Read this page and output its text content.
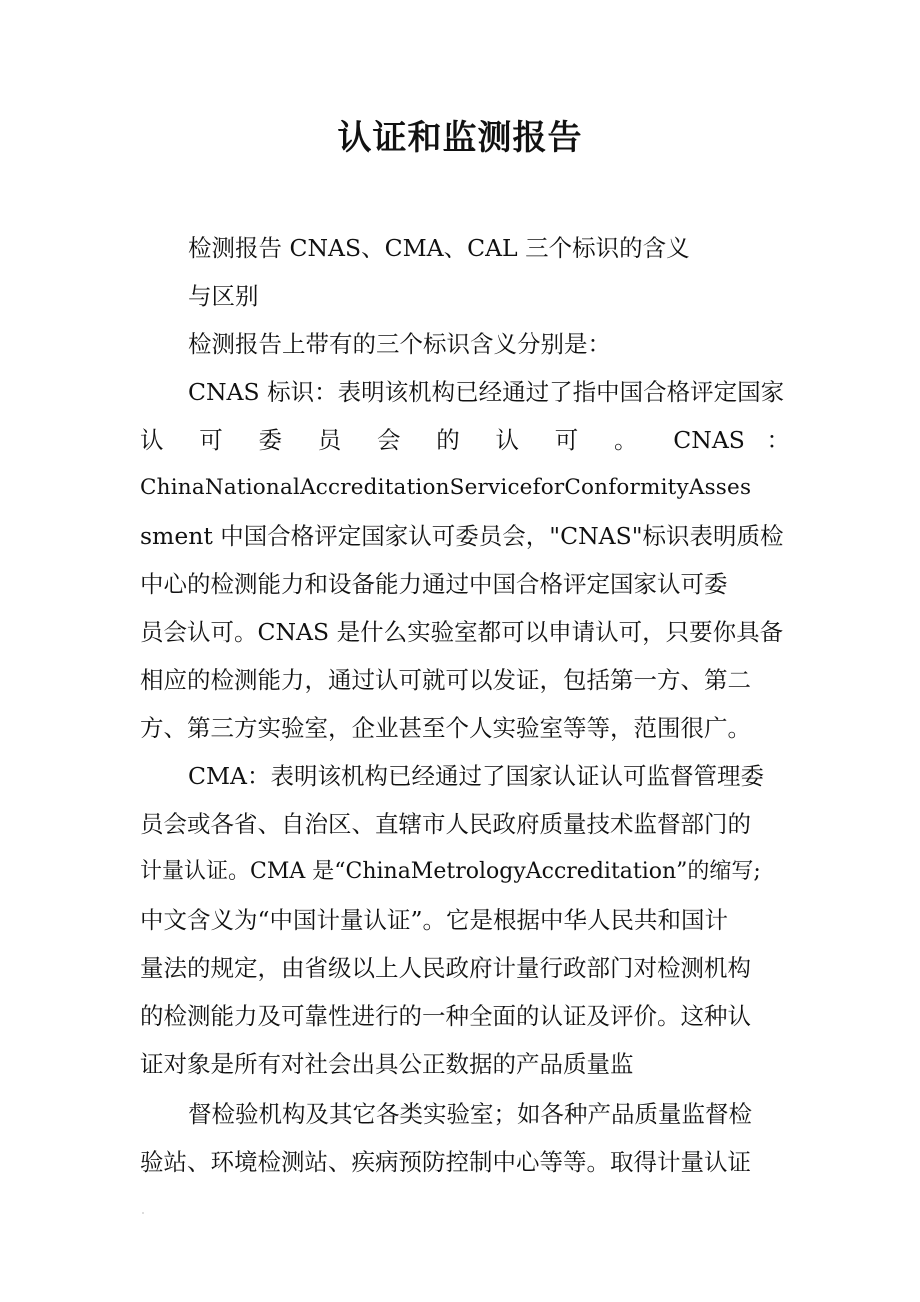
认证和监测报告

检测报告 CNAS、CMA、CAL 三个标识的含义

与区别

检测报告上带有的三个标识含义分别是：

CNAS 标识：表明该机构已经通过了指中国合格评定国家

认 可 委 员 会 的 认 可 。 CNAS ：

ChinaNationalAccreditationServiceforConformityAsses

sment 中国合格评定国家认可委员会，"CNAS"标识表明质检

中心的检测能力和设备能力通过中国合格评定国家认可委

员会认可。CNAS 是什么实验室都可以申请认可，只要你具备

相应的检测能力，通过认可就可以发证，包括第一方、第二

方、第三方实验室，企业甚至个人实验室等等，范围很广。

CMA：表明该机构已经通过了国家认证认可监督管理委

员会或各省、自治区、直辖市人民政府质量技术监督部门的

计量认证。CMA 是“ChinaMetrologyAccreditation”的缩写;

中文含义为“中国计量认证”。它是根据中华人民共和国计

量法的规定，由省级以上人民政府计量行政部门对检测机构

的检测能力及可靠性进行的一种全面的认证及评价。这种认

证对象是所有对社会出具公正数据的产品质量监

督检验机构及其它各类实验室；如各种产品质量监督检

验站、环境检测站、疾病预防控制中心等等。取得计量认证
